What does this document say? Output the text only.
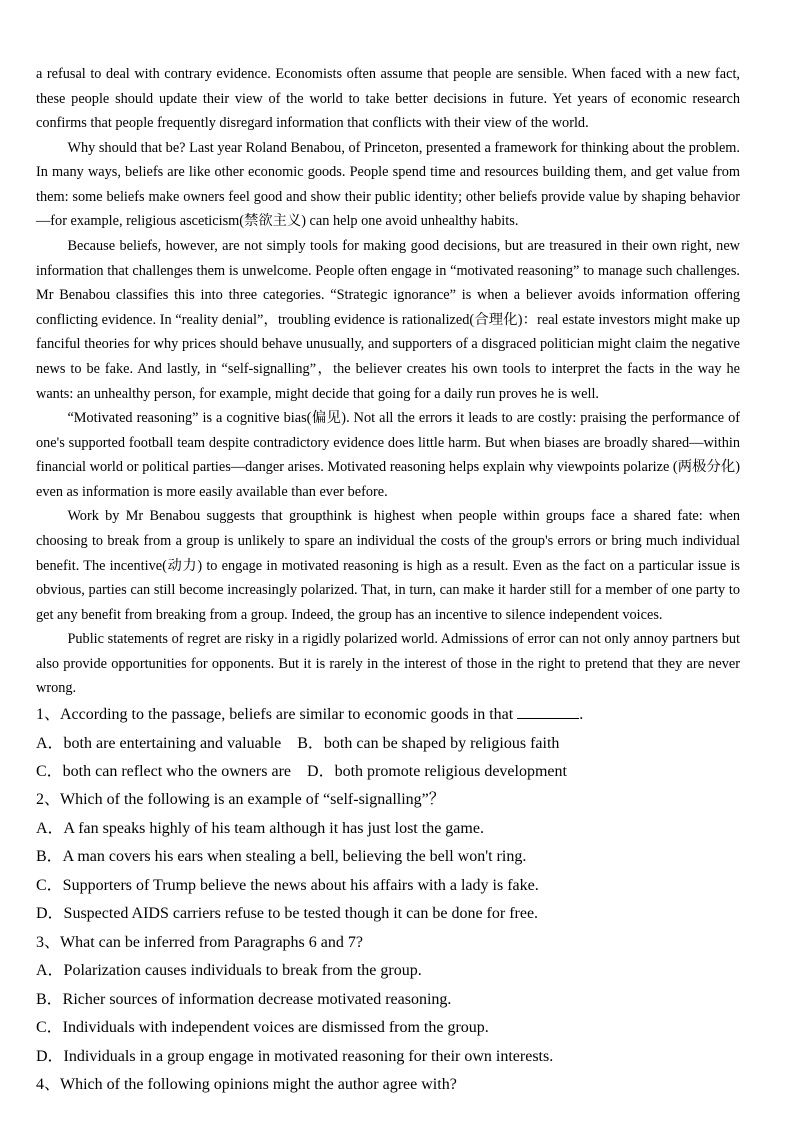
a refusal to deal with contrary evidence. Economists often assume that people are sensible. When faced with a new fact, these people should update their view of the world to take better decisions in future. Yet years of economic research confirms that people frequently disregard information that conflicts with their view of the world.

Why should that be? Last year Roland Benabou, of Princeton, presented a framework for thinking about the problem. In many ways, beliefs are like other economic goods. People spend time and resources building them, and get value from them: some beliefs make owners feel good and show their public identity; other beliefs provide value by shaping behavior—for example, religious asceticism(禁欲主义) can help one avoid unhealthy habits.

Because beliefs, however, are not simply tools for making good decisions, but are treasured in their own right, new information that challenges them is unwelcome. People often engage in “motivated reasoning” to manage such challenges. Mr Benabou classifies this into three categories. “Strategic ignorance” is when a believer avoids information offering conflicting evidence. In “reality denial”，troubling evidence is rationalized(合理化)：real estate investors might make up fanciful theories for why prices should behave unusually, and supporters of a disgraced politician might claim the negative news to be fake. And lastly, in “self-signalling”，the believer creates his own tools to interpret the facts in the way he wants: an unhealthy person, for example, might decide that going for a daily run proves he is well.

“Motivated reasoning” is a cognitive bias(偏见). Not all the errors it leads to are costly: praising the performance of one's supported football team despite contradictory evidence does little harm. But when biases are broadly shared—within financial world or political parties—danger arises. Motivated reasoning helps explain why viewpoints polarize (两极分化) even as information is more easily available than ever before.

Work by Mr Benabou suggests that groupthink is highest when people within groups face a shared fate: when choosing to break from a group is unlikely to spare an individual the costs of the group's errors or bring much individual benefit. The incentive(动力) to engage in motivated reasoning is high as a result. Even as the fact on a particular issue is obvious, parties can still become increasingly polarized. That, in turn, can make it harder still for a member of one party to get any benefit from breaking from a group. Indeed, the group has an incentive to silence independent voices.

Public statements of regret are risky in a rigidly polarized world. Admissions of error can not only annoy partners but also provide opportunities for opponents. But it is rarely in the interest of those in the right to pretend that they are never wrong.

1、According to the passage, beliefs are similar to economic goods in that	.

A．both are entertaining and valuable    B．both can be shaped by religious faith

C．both can reflect who the owners are    D．both promote religious development

2、Which of the following is an example of “self-signalling”？

A．A fan speaks highly of his team although it has just lost the game.

B．A man covers his ears when stealing a bell, believing the bell won't ring.

C．Supporters of Trump believe the news about his affairs with a lady is fake.

D．Suspected AIDS carriers refuse to be tested though it can be done for free.

3、What can be inferred from Paragraphs 6 and 7?

A．Polarization causes individuals to break from the group.

B．Richer sources of information decrease motivated reasoning.

C．Individuals with independent voices are dismissed from the group.

D．Individuals in a group engage in motivated reasoning for their own interests.

4、Which of the following opinions might the author agree with?
